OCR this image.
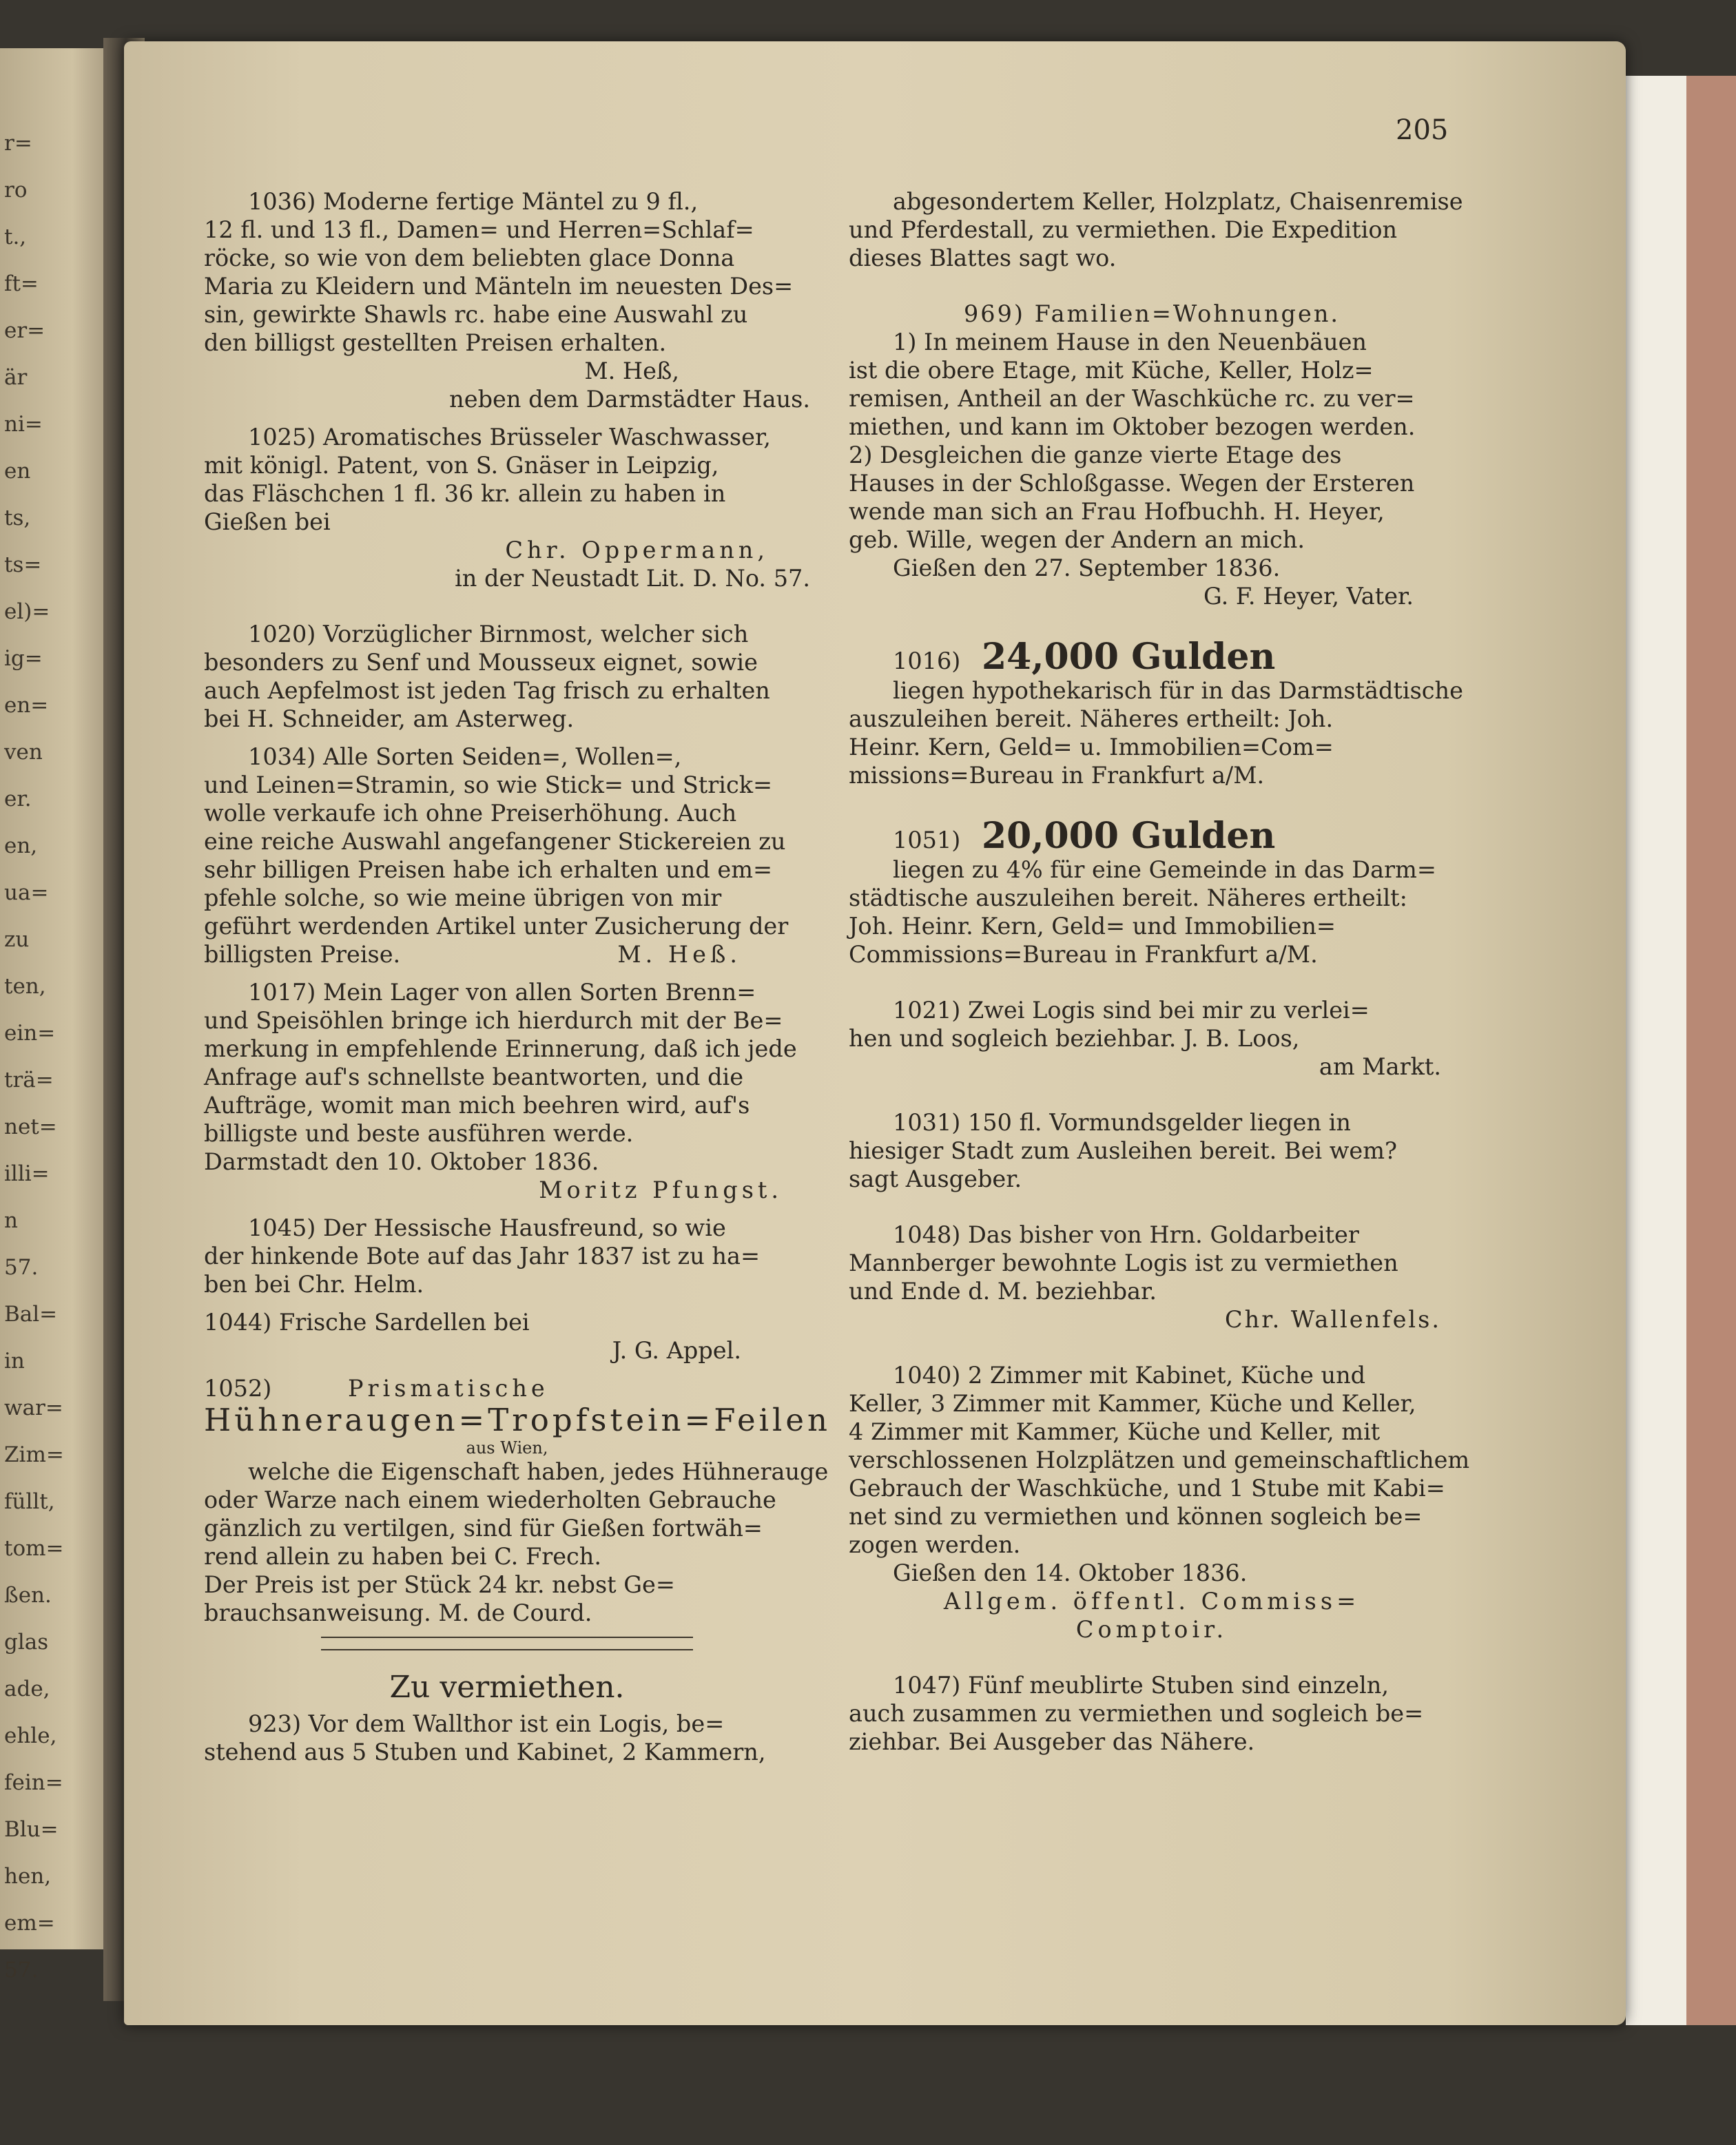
r=
ro
t.,
ft=
er=
är
ni=
en
ts,
ts=
el)=
ig=
en=
ven
er.
en,
ua=
zu
ten,
ein=
trä=
net=
illi=
n
57.
Bal=
in
war=
Zim=
füllt,
tom=
ßen.
glas
ade,
ehle,
fein=
Blu=
hen,
em=
57.
205
1036) Moderne fertige Mäntel zu 9 fl.,
12 fl. und 13 fl., Damen= und Herren=Schlaf=
röcke, so wie von dem beliebten glace Donna
Maria zu Kleidern und Mänteln im neuesten Des=
sin, gewirkte Shawls rc. habe eine Auswahl zu
den billigst gestellten Preisen erhalten.
M. Heß,
neben dem Darmstädter Haus.
1025) Aromatisches Brüsseler Waschwasser,
mit königl. Patent, von S. Gnäser in Leipzig,
das Fläschchen 1 fl. 36 kr. allein zu haben in
Gießen bei
Chr. Oppermann,
in der Neustadt Lit. D. No. 57.
1020) Vorzüglicher Birnmost, welcher sich
besonders zu Senf und Mousseux eignet, sowie
auch Aepfelmost ist jeden Tag frisch zu erhalten
bei H. Schneider, am Asterweg.
1034) Alle Sorten Seiden=, Wollen=,
und Leinen=Stramin, so wie Stick= und Strick=
wolle verkaufe ich ohne Preiserhöhung. Auch
eine reiche Auswahl angefangener Stickereien zu
sehr billigen Preisen habe ich erhalten und em=
pfehle solche, so wie meine übrigen von mir
geführt werdenden Artikel unter Zusicherung der
billigsten Preise.	M. Heß.
1017) Mein Lager von allen Sorten Brenn=
und Speisöhlen bringe ich hierdurch mit der Be=
merkung in empfehlende Erinnerung, daß ich jede
Anfrage auf's schnellste beantworten, und die
Aufträge, womit man mich beehren wird, auf's
billigste und beste ausführen werde.
Darmstadt den 10. Oktober 1836.
Moritz Pfungst.
1045) Der Hessische Hausfreund, so wie
der hinkende Bote auf das Jahr 1837 ist zu ha=
ben bei Chr. Helm.
1044) Frische Sardellen bei
J. G. Appel.
1052)	Prismatische
Hühneraugen=Tropfstein=Feilen
aus Wien,
welche die Eigenschaft haben, jedes Hühnerauge
oder Warze nach einem wiederholten Gebrauche
gänzlich zu vertilgen, sind für Gießen fortwäh=
rend allein zu haben bei C. Frech.
Der Preis ist per Stück 24 kr. nebst Ge=
brauchsanweisung. M. de Courd.
Zu vermiethen.
923) Vor dem Wallthor ist ein Logis, be=
stehend aus 5 Stuben und Kabinet, 2 Kammern,
abgesondertem Keller, Holzplatz, Chaisenremise
und Pferdestall, zu vermiethen. Die Expedition
dieses Blattes sagt wo.
969) Familien=Wohnungen.
1) In meinem Hause in den Neuenbäuen
ist die obere Etage, mit Küche, Keller, Holz=
remisen, Antheil an der Waschküche rc. zu ver=
miethen, und kann im Oktober bezogen werden.
2) Desgleichen die ganze vierte Etage des
Hauses in der Schloßgasse. Wegen der Ersteren
wende man sich an Frau Hofbuchh. H. Heyer,
geb. Wille, wegen der Andern an mich.
Gießen den 27. September 1836.
G. F. Heyer, Vater.
1016) 24,000 Gulden
liegen hypothekarisch für in das Darmstädtische
auszuleihen bereit. Näheres ertheilt: Joh.
Heinr. Kern, Geld= u. Immobilien=Com=
missions=Bureau in Frankfurt a/M.
1051) 20,000 Gulden
liegen zu 4% für eine Gemeinde in das Darm=
städtische auszuleihen bereit. Näheres ertheilt:
Joh. Heinr. Kern, Geld= und Immobilien=
Commissions=Bureau in Frankfurt a/M.
1021) Zwei Logis sind bei mir zu verlei=
hen und sogleich beziehbar. J. B. Loos,
am Markt.
1031) 150 fl. Vormundsgelder liegen in
hiesiger Stadt zum Ausleihen bereit. Bei wem?
sagt Ausgeber.
1048) Das bisher von Hrn. Goldarbeiter
Mannberger bewohnte Logis ist zu vermiethen
und Ende d. M. beziehbar.
Chr. Wallenfels.
1040) 2 Zimmer mit Kabinet, Küche und
Keller, 3 Zimmer mit Kammer, Küche und Keller,
4 Zimmer mit Kammer, Küche und Keller, mit
verschlossenen Holzplätzen und gemeinschaftlichem
Gebrauch der Waschküche, und 1 Stube mit Kabi=
net sind zu vermiethen und können sogleich be=
zogen werden.
Gießen den 14. Oktober 1836.
Allgem. öffentl. Commiss=
Comptoir.
1047) Fünf meublirte Stuben sind einzeln,
auch zusammen zu vermiethen und sogleich be=
ziehbar. Bei Ausgeber das Nähere.
